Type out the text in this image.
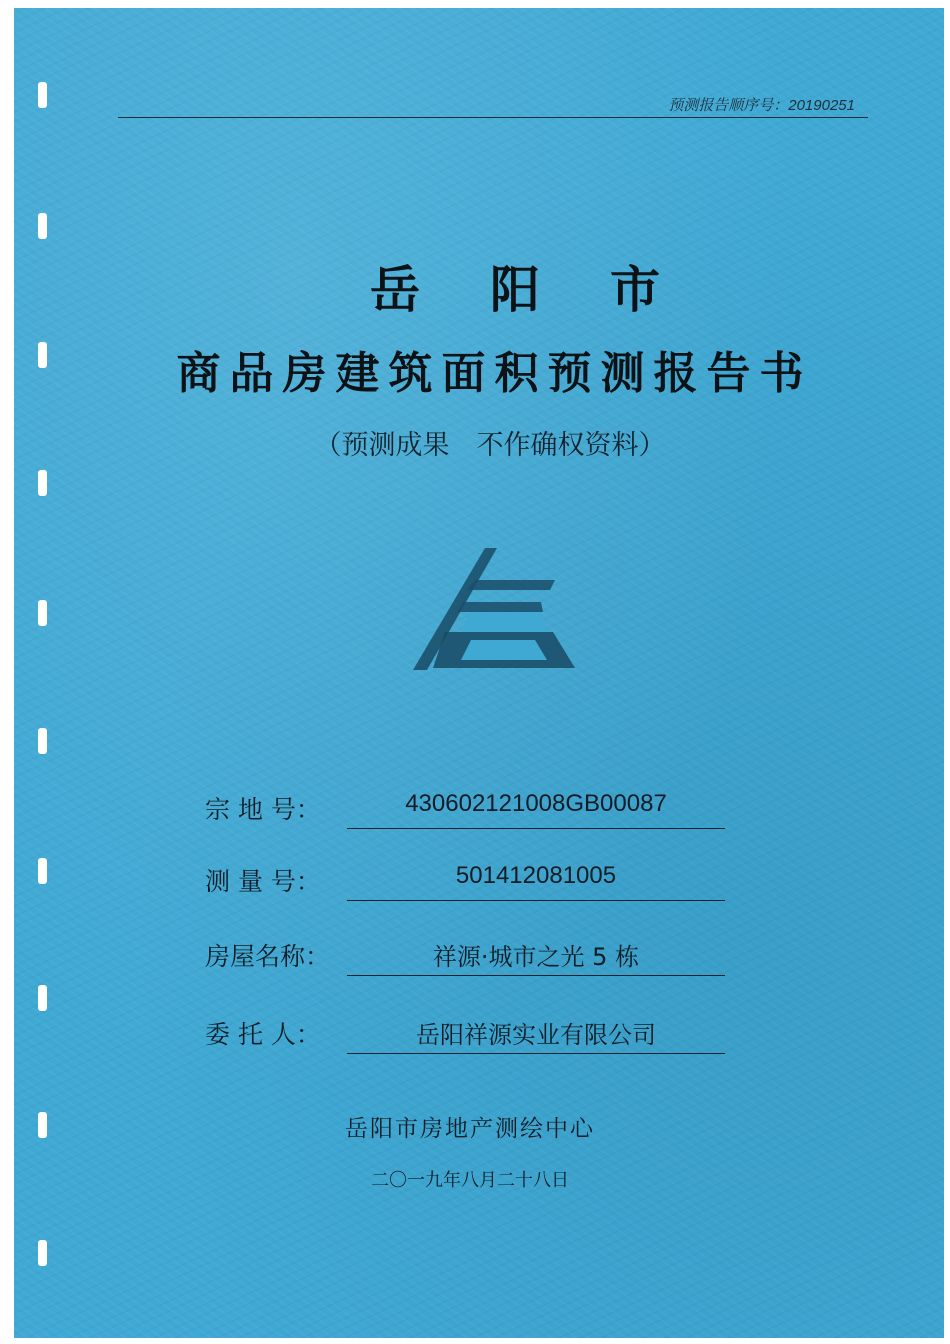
预测报告顺序号：20190251
岳阳市
商品房建筑面积预测报告书
（预测成果　不作确权资料）
宗 地 号：	430602121008GB00087
测 量 号：	501412081005
房屋名称：	祥源·城市之光 5 栋
委 托 人：	岳阳祥源实业有限公司
岳阳市房地产测绘中心
二〇一九年八月二十八日
